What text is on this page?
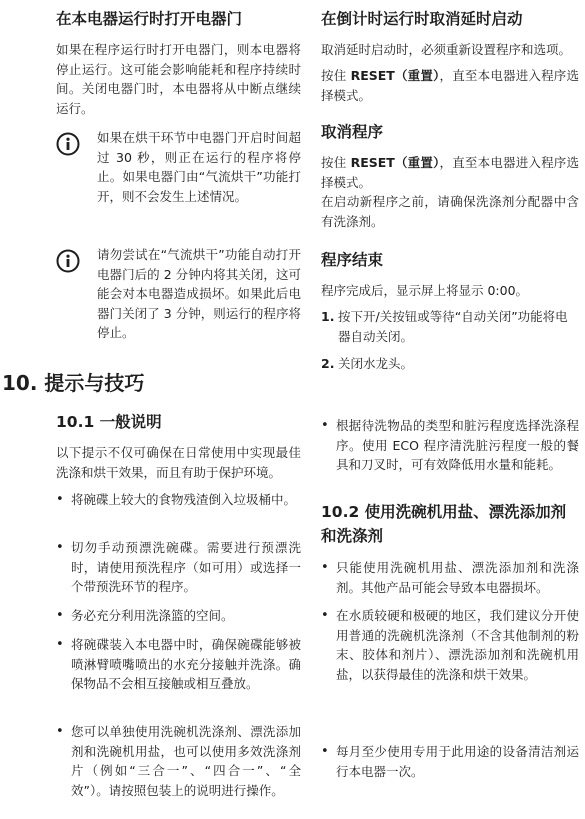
在本电器运行时打开电器门

如果在程序运行时打开电器门，则本电器将停止运行。这可能会影响能耗和程序持续时间。关闭电器门时，本电器将从中断点继续运行。

如果在烘干环节中电器门开启时间超过 30 秒，则正在运行的程序将停止。如果电器门由“气流烘干”功能打开，则不会发生上述情况。

请勿尝试在“气流烘干”功能自动打开电器门后的 2 分钟内将其关闭，这可能会对本电器造成损坏。如果此后电器门关闭了 3 分钟，则运行的程序将停止。

10.1 一般说明

以下提示不仅可确保在日常使用中实现最佳洗涤和烘干效果，而且有助于保护环境。

• 将碗碟上较大的食物残渣倒入垃圾桶中。
• 切勿手动预漂洗碗碟。需要进行预漂洗时，请使用预洗程序（如可用）或选择一个带预洗环节的程序。
• 务必充分利用洗涤篮的空间。
• 将碗碟装入本电器中时，确保碗碟能够被喷淋臂喷嘴喷出的水充分接触并洗涤。确保物品不会相互接触或相互叠放。
• 您可以单独使用洗碗机洗涤剂、漂洗添加剂和洗碗机用盐，也可以使用多效洗涤剂片（例如“三合一”、“四合一”、“全效”）。请按照包装上的说明进行操作。
10. 提示与技巧
在倒计时运行时取消延时启动

取消延时启动时，必须重新设置程序和选项。

按住 RESET（重置），直至本电器进入程序选择模式。

取消程序

按住 RESET（重置），直至本电器进入程序选择模式。

在启动新程序之前，请确保洗涤剂分配器中含有洗涤剂。

程序结束

程序完成后，显示屏上将显示 0:00。

1. 按下开/关按钮或等待“自动关闭”功能将电器自动关闭。
2. 关闭水龙头。
• 根据待洗物品的类型和脏污程度选择洗涤程序。使用 ECO 程序清洗脏污程度一般的餐具和刀叉时，可有效降低用水量和能耗。
10.2 使用洗碗机用盐、漂洗添加剂和洗涤剂
• 只能使用洗碗机用盐、漂洗添加剂和洗涤剂。其他产品可能会导致本电器损坏。
• 在水质较硬和极硬的地区，我们建议分开使用普通的洗碗机洗涤剂（不含其他制剂的粉末、胶体和剂片）、漂洗添加剂和洗碗机用盐，以获得最佳的洗涤和烘干效果。
• 每月至少使用专用于此用途的设备清洁剂运行本电器一次。
